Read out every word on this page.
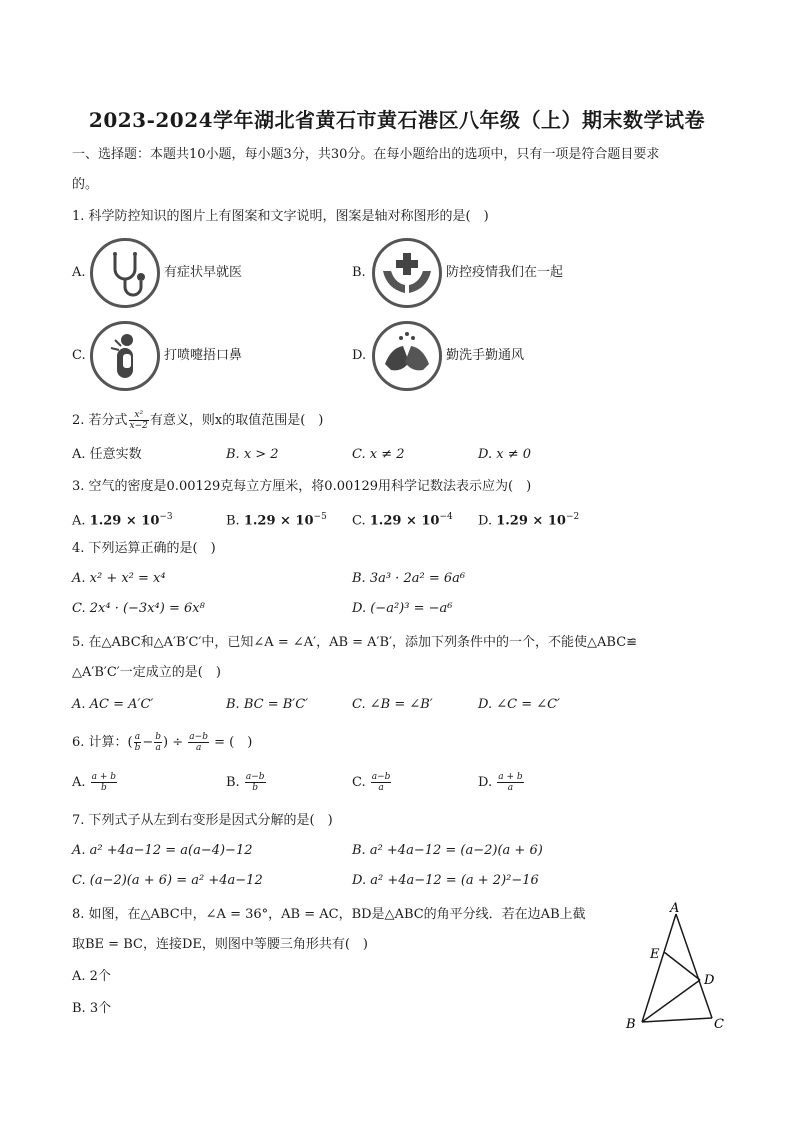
2023-2024学年湖北省黄石市黄石港区八年级（上）期末数学试卷
一、选择题：本题共10小题，每小题3分，共30分。在每小题给出的选项中，只有一项是符合题目要求
的。
1. 科学防控知识的图片上有图案和文字说明，图案是轴对称图形的是(　)
A.	有症状早就医	B.	防控疫情我们在一起
C.	打喷嚏捂口鼻	D.	勤洗手勤通风
2. 若分式 $\frac{\text{x²}}{x-2}$ 有意义，则x的取值范围是(　)
A. 任意实数	B. x > 2	C. x ≠ 2	D. x ≠ 0
3. 空气的密度是0.00129克每立方厘米，将0.00129用科学记数法表示应为(　)
A. $1.29 \times 10^{-3}$	B. $1.29 \times 10^{-5}$ C. $1.29 \times 10^{-4}$ D. $1.29 \times 10^{-2}$
4. 下列运算正确的是(　)
A. x² + x² = x⁴	B. 3a³ · 2a² = 6a⁶
C. 2x⁴ · (−3x⁴) = 6x⁸	D. (−a²)³ = −a⁶
5. 在△ABC和△A′B′C′中，已知∠A = ∠A′，AB = A′B′，添加下列条件中的一个，不能使△ABC≌
△A′B′C′一定成立的是(　)
A. AC = A′C′	B. BC = B′C′	C. ∠B = ∠B′	D. ∠C = ∠C′
6. 计算：( $\frac{a}{b} - \frac{b}{a}$ ) ÷ $\frac{a-b}{a}$ = (　)
A. $\frac{a + b}{b}$	B. $\frac{a-b}{b}$	C. $\frac{a-b}{a}$	D. $\frac{a + b}{a}$
7. 下列式子从左到右变形是因式分解的是(　)
A. a² +4a−12 = a(a−4)−12	B. a² +4a−12 = (a−2)(a + 6)
C. (a−2)(a + 6) = a² +4a−12	D. a² +4a−12 = (a + 2)²−16
8. 如图，在△ABC中，∠A = 36°，AB = AC，BD是△ABC的角平分线．若在边AB上截
取BE = BC，连接DE，则图中等腰三角形共有(　)
A. 2个
B. 3个
A
E
D
B	C
